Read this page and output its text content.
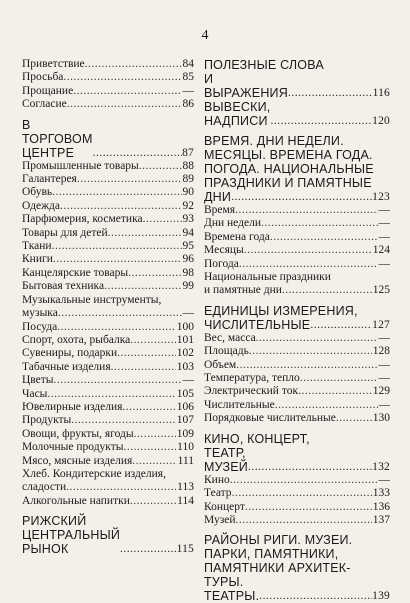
4
Приветствие .....	84
Просьба .....	85
Прощание .....	—
Согласие .....	86
В ТОРГОВОМ ЦЕНТРЕ .....	87
Промышленные товары .....	88
Галантерея .....	89
Обувь .....	90
Одежда .....	92
Парфюмерия, косметика .....	93
Товары для детей .....	94
Ткани .....	95
Книги .....	96
Канцелярские товары .....	98
Бытовая техника .....	99
Музыкальные инструменты,
музыка .....	—
Посуда .....	100
Спорт, охота, рыбалка .....	101
Сувениры, подарки .....	102
Табачные изделия .....	103
Цветы .....	—
Часы .....	105
Ювелирные изделия .....	106
Продукты .....	107
Овощи, фрукты, ягоды .....	109
Молочные продукты .....	110
Мясо, мясные изделия .....	111
Хлеб. Кондитерские изделия,
сладости .....	113
Алкогольные напитки .....	114
РИЖСКИЙ
ЦЕНТРАЛЬНЫЙ РЫНОК .....	115
ПОЛЕЗНЫЕ СЛОВА
И ВЫРАЖЕНИЯ .....	116
ВЫВЕСКИ, НАДПИСИ .....	120
ВРЕМЯ. ДНИ НЕДЕЛИ.
МЕСЯЦЫ. ВРЕМЕНА ГОДА.
ПОГОДА. НАЦИОНАЛЬНЫЕ
ПРАЗДНИКИ И ПАМЯТНЫЕ
ДНИ .....	123
Время .....	—
Дни недели .....	—
Времена года .....	—
Месяцы .....	124
Погода .....	—
Национальные праздники
и памятные дни .....	125
ЕДИНИЦЫ ИЗМЕРЕНИЯ,
ЧИСЛИТЕЛЬНЫЕ .....	127
Вес, масса .....	—
Площадь .....	128
Объем .....	—
Температура, тепло .....	—
Электрический ток .....	129
Числительные .....	—
Порядковые числительные .....	130
КИНО, КОНЦЕРТ,
ТЕАТР, МУЗЕЙ .....	132
Кино .....	—
Театр .....	133
Концерт .....	136
Музей .....	137
РАЙОНЫ РИГИ. МУЗЕИ.
ПАРКИ, ПАМЯТНИКИ,
ПАМЯТНИКИ АРХИТЕК-
ТУРЫ. ТЕАТРЫ. .....	139
